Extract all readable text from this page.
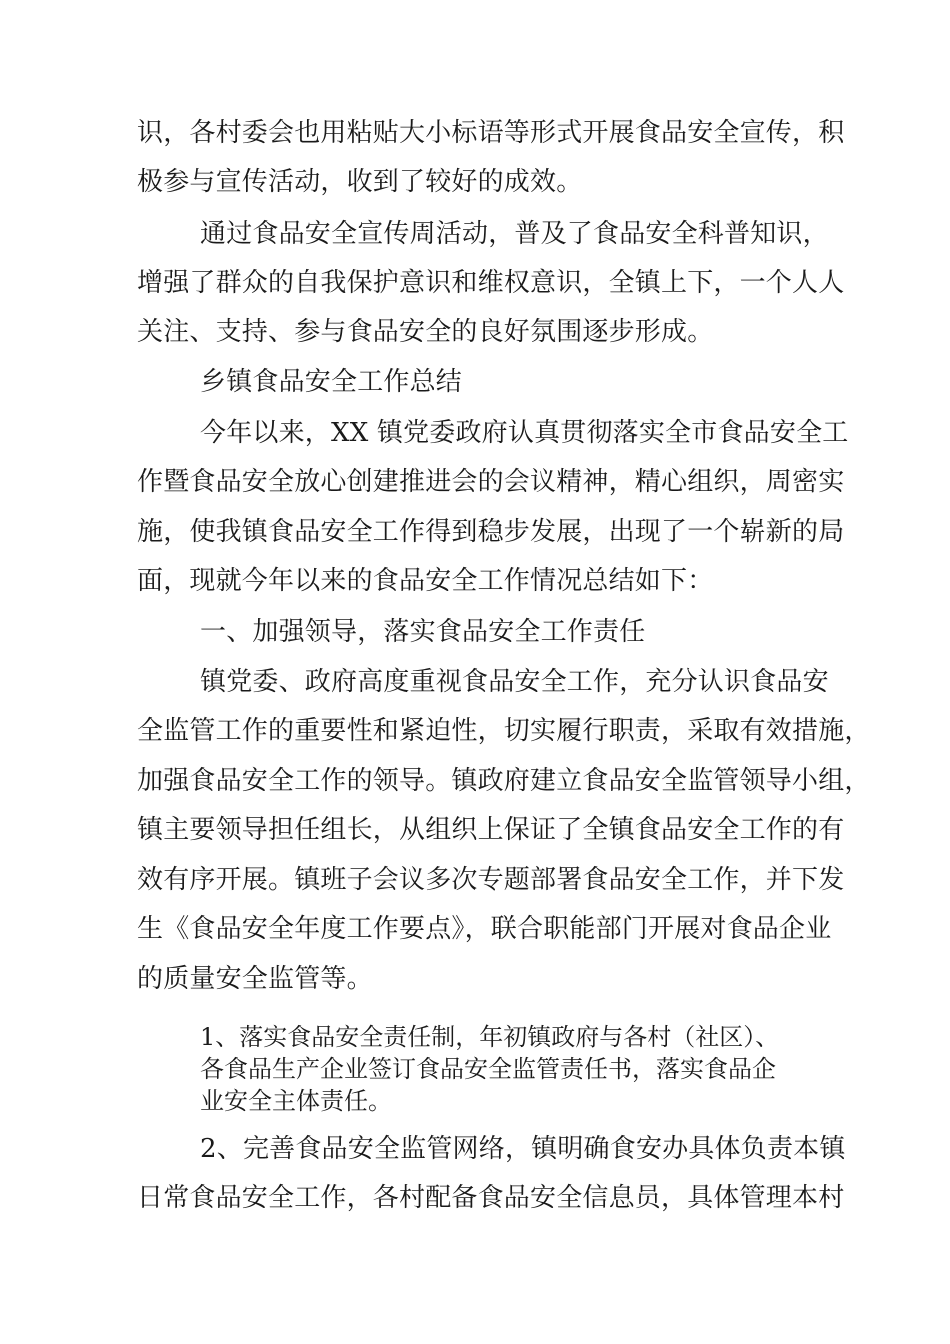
识，各村委会也用粘贴大小标语等形式开展食品安全宣传，积
极参与宣传活动，收到了较好的成效。
通过食品安全宣传周活动，普及了食品安全科普知识，
增强了群众的自我保护意识和维权意识，全镇上下，一个人人
关注、支持、参与食品安全的良好氛围逐步形成。
乡镇食品安全工作总结
今年以来，XX 镇党委政府认真贯彻落实全市食品安全工
作暨食品安全放心创建推进会的会议精神，精心组织，周密实
施，使我镇食品安全工作得到稳步发展，出现了一个崭新的局
面，现就今年以来的食品安全工作情况总结如下：
一、加强领导，落实食品安全工作责任
镇党委、政府高度重视食品安全工作，充分认识食品安
全监管工作的重要性和紧迫性，切实履行职责，采取有效措施，
加强食品安全工作的领导。镇政府建立食品安全监管领导小组，
镇主要领导担任组长，从组织上保证了全镇食品安全工作的有
效有序开展。镇班子会议多次专题部署食品安全工作，并下发
生《食品安全年度工作要点》，联合职能部门开展对食品企业
的质量安全监管等。
1、落实食品安全责任制，年初镇政府与各村（社区）、
各食品生产企业签订食品安全监管责任书，落实食品企
业安全主体责任。
2、完善食品安全监管网络，镇明确食安办具体负责本镇
日常食品安全工作，各村配备食品安全信息员，具体管理本村
